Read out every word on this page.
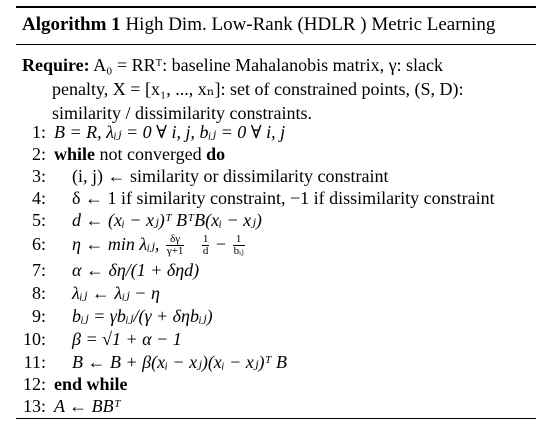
Algorithm 1 High Dim. Low-Rank (HDLR ) Metric Learning
Require: A₀ = RRᵀ: baseline Mahalanobis matrix, γ: slack
penalty, X = [x₁, ..., xₙ]: set of constrained points, (S, D):
similarity / dissimilarity constraints.
1: B = R, λᵢⱼ = 0 ∀ i, j, bᵢⱼ = 0 ∀ i, j
2: while not converged do
3: (i, j) ← similarity or dissimilarity constraint
4: δ ← 1 if similarity constraint, −1 if dissimilarity constraint
5: d ← (xᵢ − xⱼ)ᵀ BᵀB(xᵢ − xⱼ)
6: η ← min λᵢⱼ, $\frac{\delta\gamma}{\gamma+1}$
$\frac{1}{d} - \frac{1}{\text{bᵢⱼ}}$
7: α ← δη/(1 + δηd)
8: λᵢⱼ ← λᵢⱼ − η
9: bᵢⱼ = γbᵢⱼ/(γ + δηbᵢⱼ)
10: β = √1 + α − 1
11: B ← B + β(xᵢ − xⱼ)(xᵢ − xⱼ)ᵀ B
12: end while
13: A ← BBᵀ
